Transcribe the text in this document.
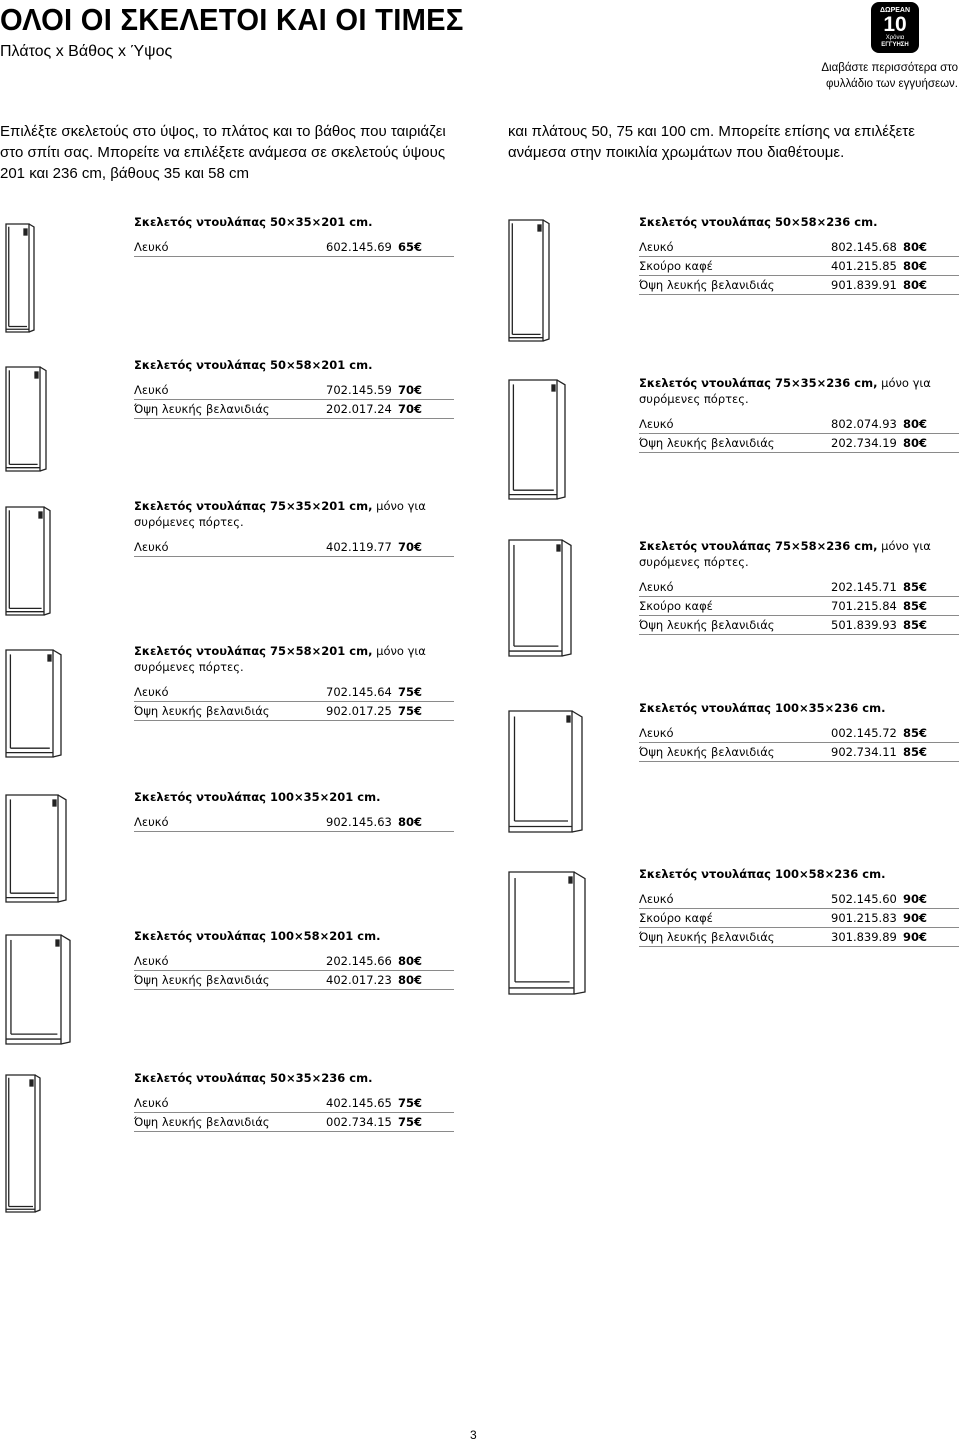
ΟΛΟΙ ΟΙ ΣΚΕΛΕΤΟΙ ΚΑΙ ΟΙ ΤΙΜΕΣ
Πλάτος x Βάθος x Ύψος
ΔΩΡΕΑΝ
10
Χρόνια
ΕΓΓΥΗΣΗ
Διαβάστε περισσότερα στο φυλλάδιο των εγγυήσεων.
Επιλέξτε σκελετούς στο ύψος, το πλάτος και το βάθος που ταιριάζει στο σπίτι σας. Μπορείτε να επιλέξετε ανάμεσα σε σκελετούς ύψους 201 και 236 cm, βάθους 35 και 58 cm
και πλάτους 50, 75 και 100 cm. Μπορείτε επίσης να επιλέξετε ανάμεσα στην ποικιλία χρωμάτων που διαθέτουμε.
Σκελετός ντουλάπας 50×35×201 cm.
Λευκό	602.145.69 65€
Σκελετός ντουλάπας 50×58×201 cm.
Λευκό	702.145.59 70€
Όψη λευκής βελανιδιάς	202.017.24 70€
Σκελετός ντουλάπας 75×35×201 cm, μόνο για συρόμενες πόρτες.
Λευκό	402.119.77 70€
Σκελετός ντουλάπας 75×58×201 cm, μόνο για συρόμενες πόρτες.
Λευκό	702.145.64 75€
Όψη λευκής βελανιδιάς	902.017.25 75€
Σκελετός ντουλάπας 100×35×201 cm.
Λευκό	902.145.63 80€
Σκελετός ντουλάπας 100×58×201 cm.
Λευκό	202.145.66 80€
Όψη λευκής βελανιδιάς	402.017.23 80€
Σκελετός ντουλάπας 50×35×236 cm.
Λευκό	402.145.65 75€
Όψη λευκής βελανιδιάς	002.734.15 75€
Σκελετός ντουλάπας 50×58×236 cm.
Λευκό	802.145.68 80€
Σκούρο καφέ	401.215.85 80€
Όψη λευκής βελανιδιάς	901.839.91 80€
Σκελετός ντουλάπας 75×35×236 cm, μόνο για συρόμενες πόρτες.
Λευκό	802.074.93 80€
Όψη λευκής βελανιδιάς	202.734.19 80€
Σκελετός ντουλάπας 75×58×236 cm, μόνο για συρόμενες πόρτες.
Λευκό	202.145.71 85€
Σκούρο καφέ	701.215.84 85€
Όψη λευκής βελανιδιάς	501.839.93 85€
Σκελετός ντουλάπας 100×35×236 cm.
Λευκό	002.145.72 85€
Όψη λευκής βελανιδιάς	902.734.11 85€
Σκελετός ντουλάπας 100×58×236 cm.
Λευκό	502.145.60 90€
Σκούρο καφέ	901.215.83 90€
Όψη λευκής βελανιδιάς	301.839.89 90€
3
